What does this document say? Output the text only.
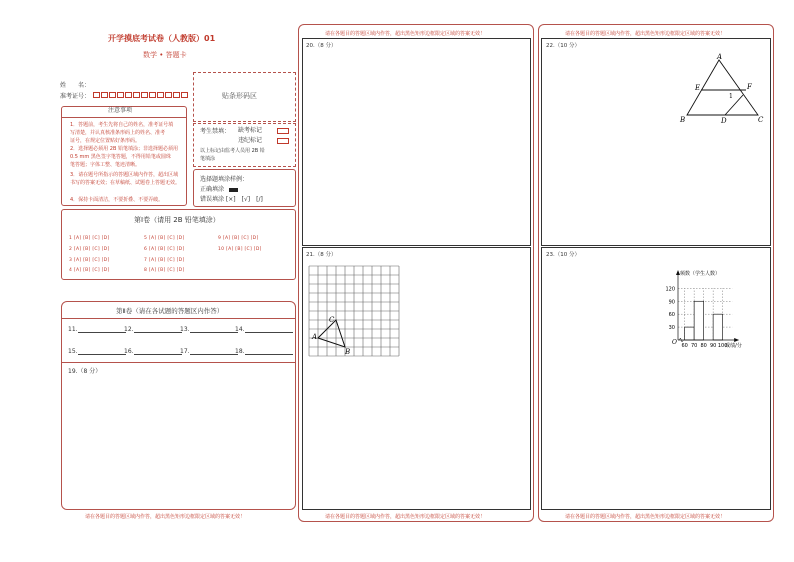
开学摸底考试卷（人教版）01
数学 • 答题卡
姓　　名：
准考证号：	贴条形码区
注意事项
1．答题前，考生先将自己的姓名，准考证号填
写清楚，并认真核准条形码上的姓名、准考
证号，在规定位置贴好条形码。
2．选择题必须用 2B 铅笔填涂；非选择题必须用
0.5 mm 黑色签字笔答题，不得用铅笔或圆珠
笔答题；字体工整、笔迹清晰。
3．请在题号所指示的答题区域内作答，超出区域
书写的答案无效；在草稿纸、试题卷上答题无效。
4．保持卡面清洁，不要折叠、不要弄破。
考生禁填： 缺考标记
违纪标记
以上标记由监考人员用 2B 铅
笔填涂
选择题填涂样例：
正确填涂
错误填涂 [×]　[√]　[/]
第Ⅰ卷（请用 2B 铅笔填涂）
1 [A] [B] [C] [D]
2 [A] [B] [C] [D]
3 [A] [B] [C] [D]
4 [A] [B] [C] [D]
5 [A] [B] [C] [D]
6 [A] [B] [C] [D]
7 [A] [B] [C] [D]
8 [A] [B] [C] [D]
9 [A] [B] [C] [D]
10 [A] [B] [C] [D]
第Ⅱ卷（请在各试题的答题区内作答）
11.	12.	13.	14.
15.	16.	17.	18.
19.（8 分）
请在各题目的答题区域内作答，超出黑色矩形边框限定区域的答案无效！
请在各题目的答题区域内作答，超出黑色矩形边框限定区域的答案无效！
20.（8 分）
21.（8 分）
A
C
B
请在各题目的答题区域内作答，超出黑色矩形边框限定区域的答案无效！
请在各题目的答题区域内作答，超出黑色矩形边框限定区域的答案无效！
22.（10 分）
A
E	F
1
B	D	C
23.（10 分）
30
60
90
120
60 70 80 90 100
O
频数（学生人数）
成绩/分
请在各题目的答题区域内作答，超出黑色矩形边框限定区域的答案无效！
